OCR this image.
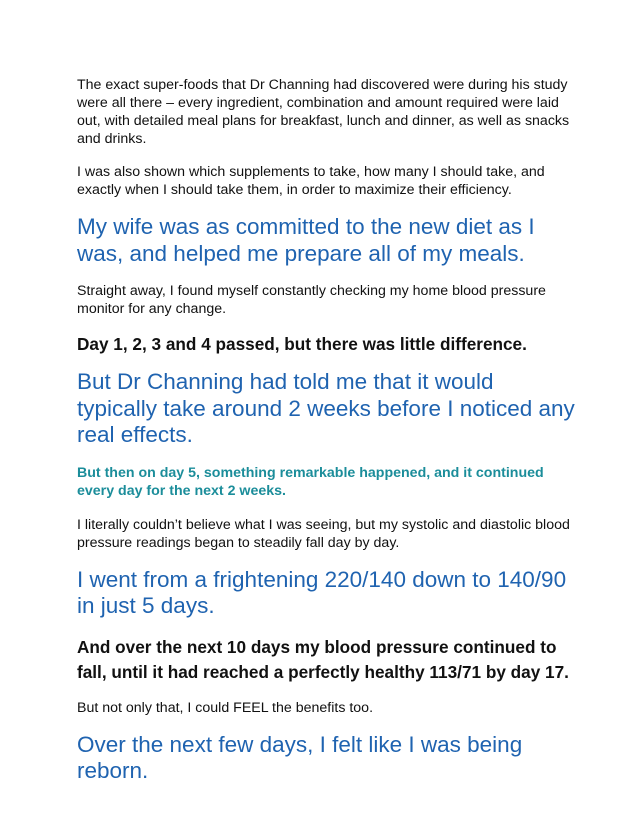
The exact super-foods that Dr Channing had discovered were during his study were all there – every ingredient, combination and amount required were laid out, with detailed meal plans for breakfast, lunch and dinner, as well as snacks and drinks.

I was also shown which supplements to take, how many I should take, and exactly when I should take them, in order to maximize their efficiency.

My wife was as committed to the new diet as I was, and helped me prepare all of my meals.

Straight away, I found myself constantly checking my home blood pressure monitor for any change.

Day 1, 2, 3 and 4 passed, but there was little difference.
But Dr Channing had told me that it would typically take around 2 weeks before I noticed any real effects.

But then on day 5, something remarkable happened, and it continued every day for the next 2 weeks.

I literally couldn’t believe what I was seeing, but my systolic and diastolic blood pressure readings began to steadily fall day by day.

I went from a frightening 220/140 down to 140/90 in just 5 days.

And over the next 10 days my blood pressure continued to fall, until it had reached a perfectly healthy 113/71 by day 17.

But not only that, I could FEEL the benefits too.

Over the next few days, I felt like I was being reborn.
